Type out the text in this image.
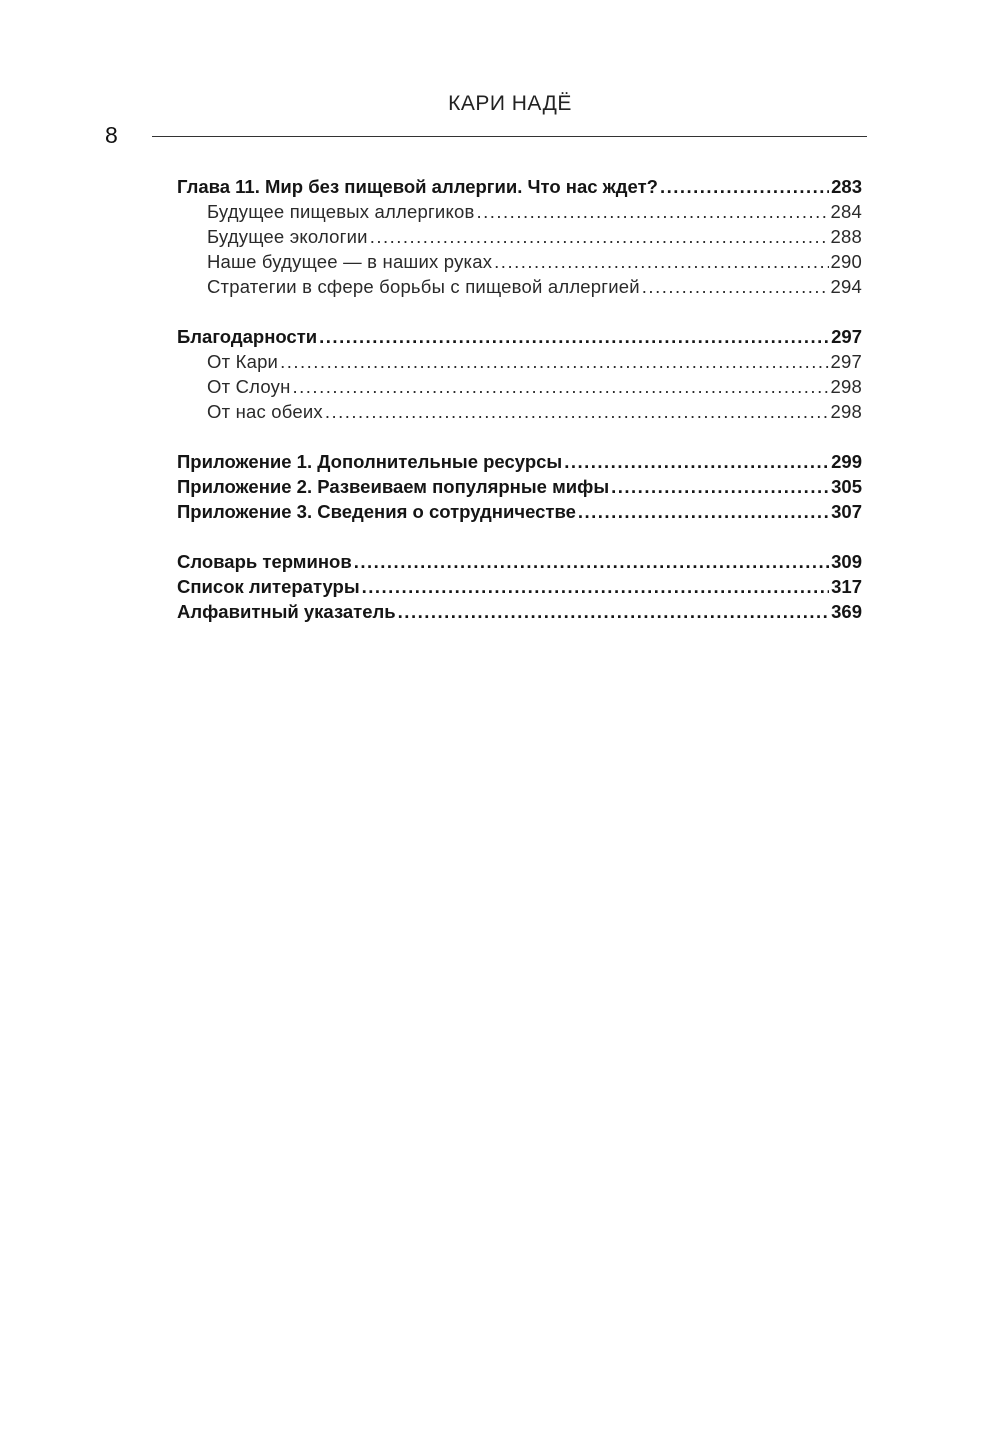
КАРИ НАДЁ
8
Глава 11. Мир без пищевой аллергии. Что нас ждет? .....	283
Будущее пищевых аллергиков .....	284
Будущее экологии .....	288
Наше будущее — в наших руках .....	290
Стратегии в сфере борьбы с пищевой аллергией .....	294
Благодарности .....	297
От Кари .....	297
От Слоун .....	298
От нас обеих .....	298
Приложение 1. Дополнительные ресурсы .....	299
Приложение 2. Развеиваем популярные мифы .....	305
Приложение 3. Сведения о сотрудничестве .....	307
Словарь терминов .....	309
Список литературы .....	317
Алфавитный указатель .....	369
